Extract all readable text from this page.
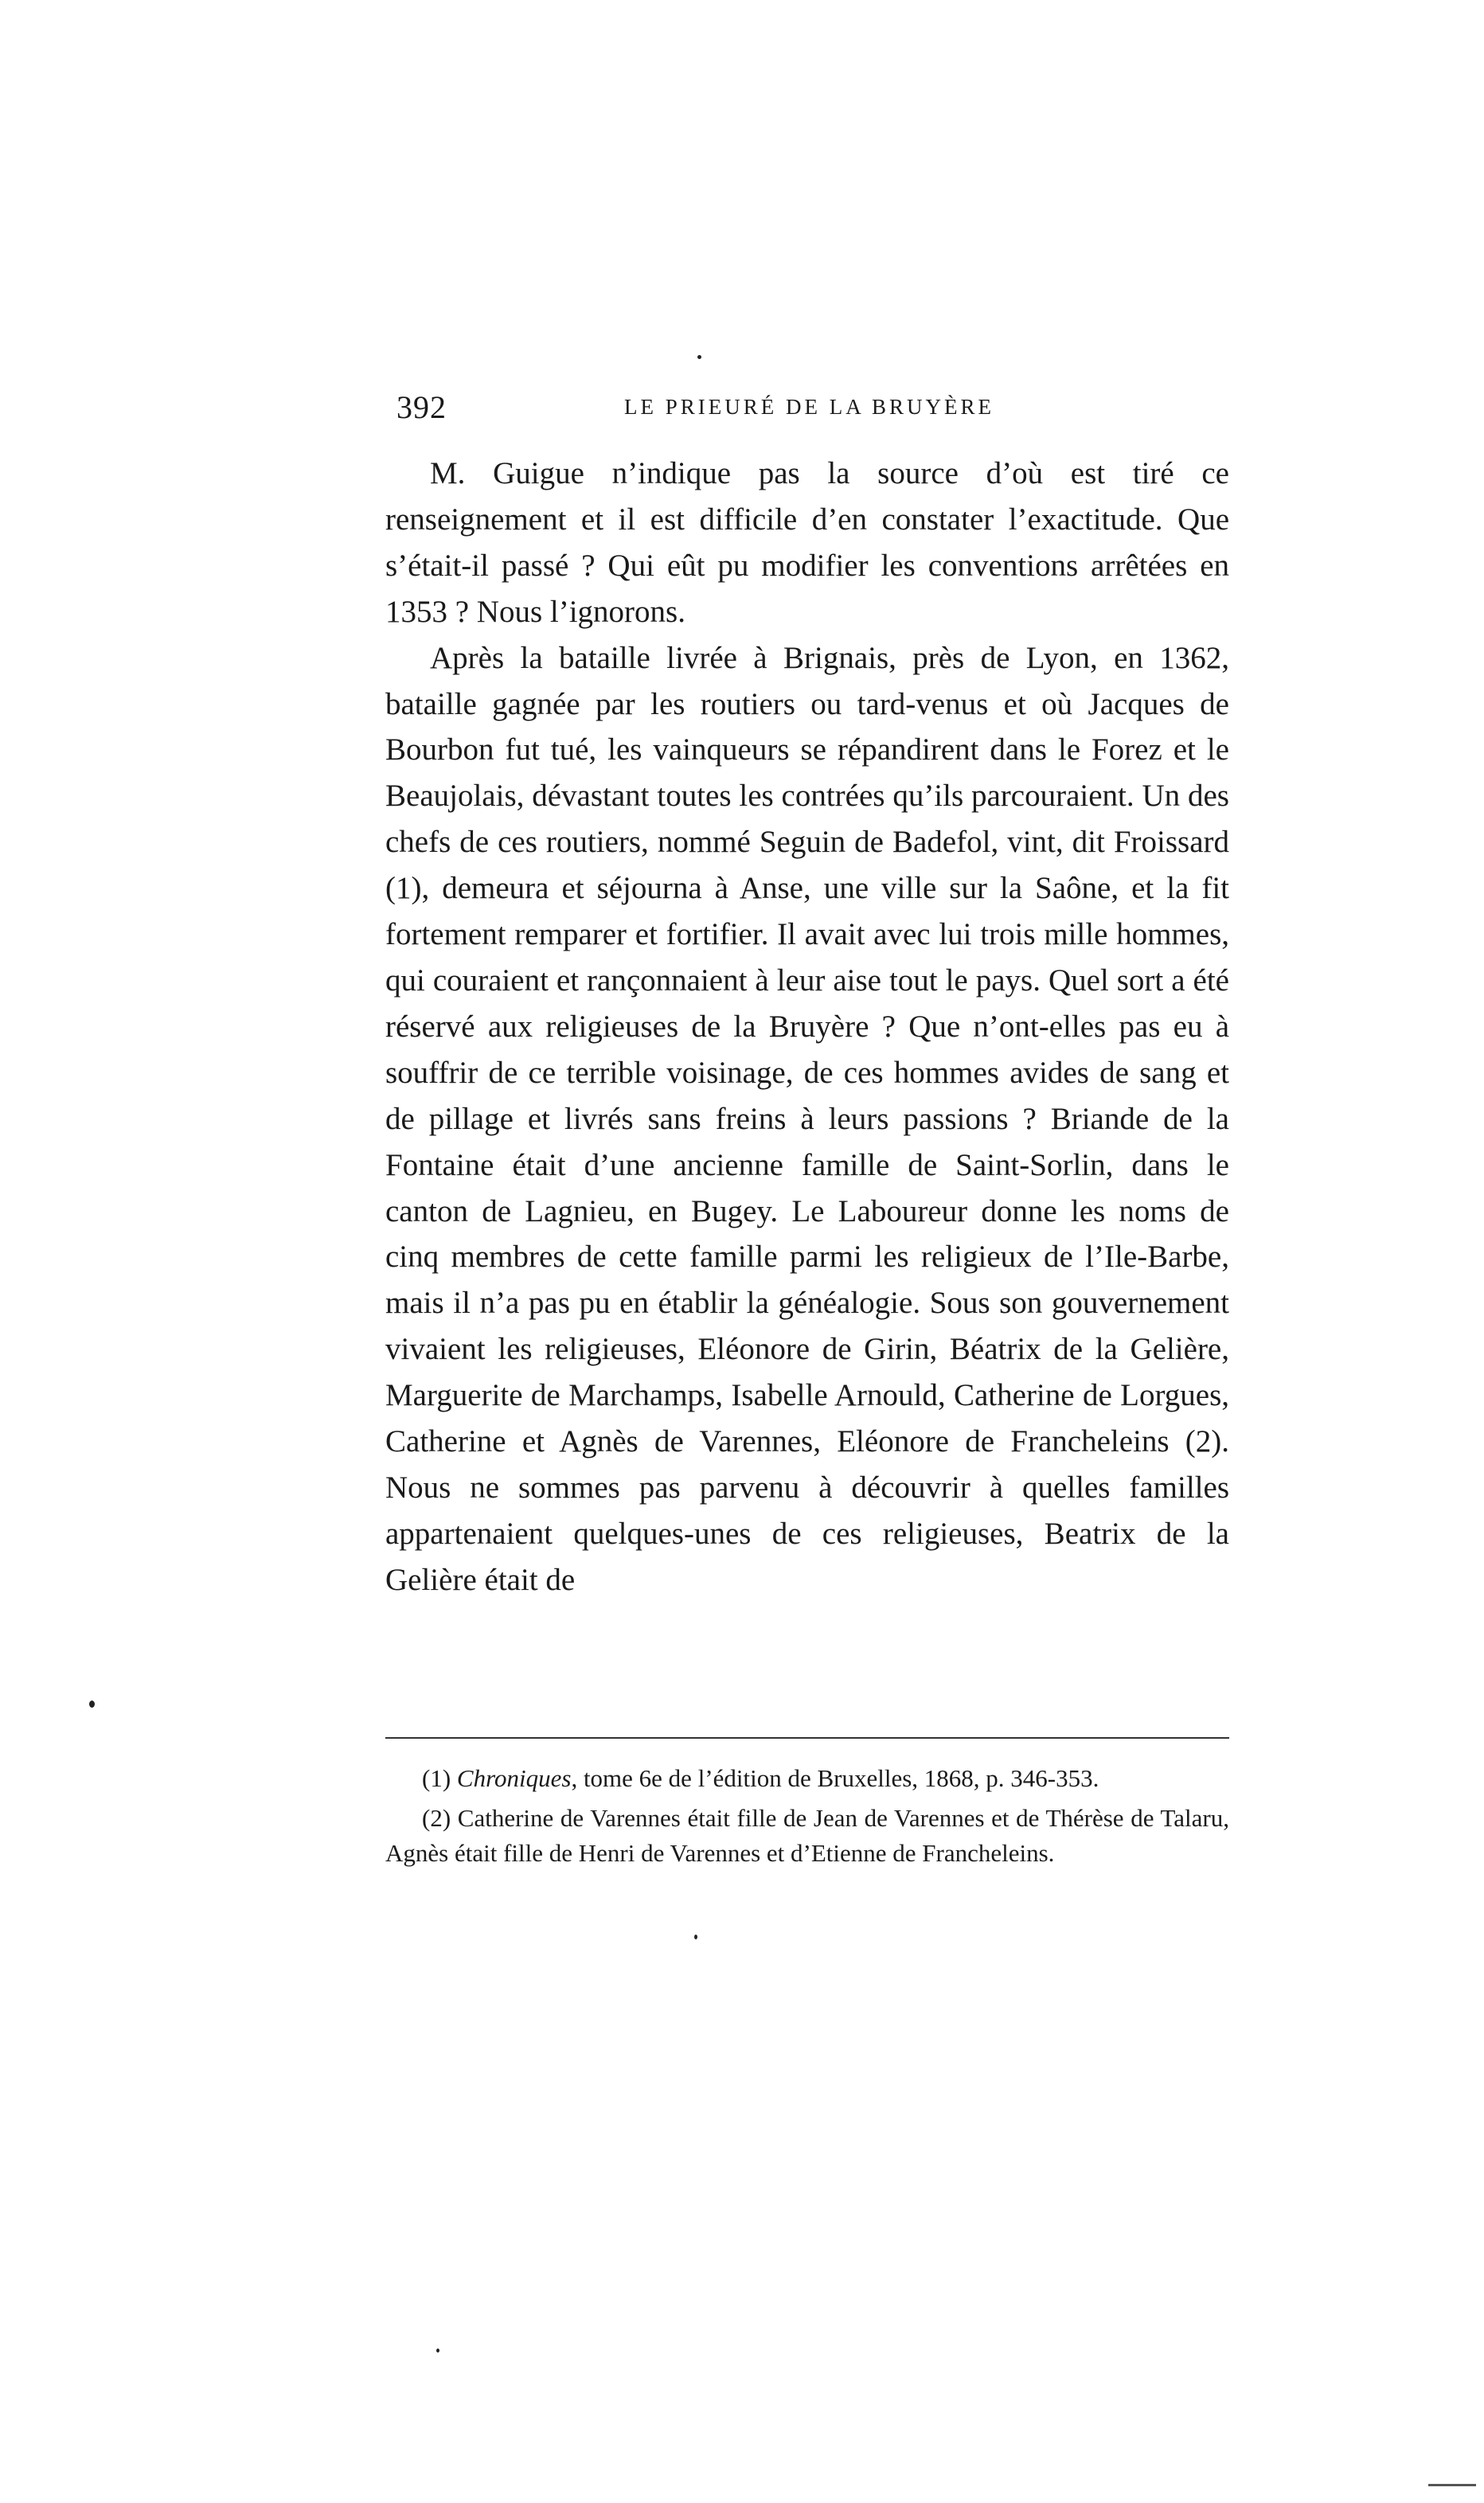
392	LE PRIEURÉ DE LA BRUYÈRE

M. Guigue n’indique pas la source d’où est tiré ce renseignement et il est difficile d’en constater l’exactitude. Que s’était-il passé ? Qui eût pu modifier les conventions arrêtées en 1353 ? Nous l’ignorons.

Après la bataille livrée à Brignais, près de Lyon, en 1362, bataille gagnée par les routiers ou tard-venus et où Jacques de Bourbon fut tué, les vainqueurs se répandirent dans le Forez et le Beaujolais, dévastant toutes les contrées qu’ils parcouraient. Un des chefs de ces routiers, nommé Seguin de Badefol, vint, dit Froissard (1), demeura et séjourna à Anse, une ville sur la Saône, et la fit fortement remparer et fortifier. Il avait avec lui trois mille hommes, qui couraient et rançonnaient à leur aise tout le pays. Quel sort a été réservé aux religieuses de la Bruyère ? Que n’ont-elles pas eu à souffrir de ce terrible voisinage, de ces hommes avides de sang et de pillage et livrés sans freins à leurs passions ? Briande de la Fontaine était d’une ancienne famille de Saint-Sorlin, dans le canton de Lagnieu, en Bugey. Le Laboureur donne les noms de cinq membres de cette famille parmi les religieux de l’Ile-Barbe, mais il n’a pas pu en établir la généalogie. Sous son gouvernement vivaient les religieuses, Eléonore de Girin, Béatrix de la Gelière, Marguerite de Marchamps, Isabelle Arnould, Catherine de Lorgues, Catherine et Agnès de Varennes, Eléonore de Francheleins (2). Nous ne sommes pas parvenu à découvrir à quelles familles appartenaient quelques-unes de ces religieuses, Beatrix de la Gelière était de

(1) Chroniques, tome 6e de l’édition de Bruxelles, 1868, p. 346-353.

(2) Catherine de Varennes était fille de Jean de Varennes et de Thérèse de Talaru, Agnès était fille de Henri de Varennes et d’Etienne de Francheleins.
